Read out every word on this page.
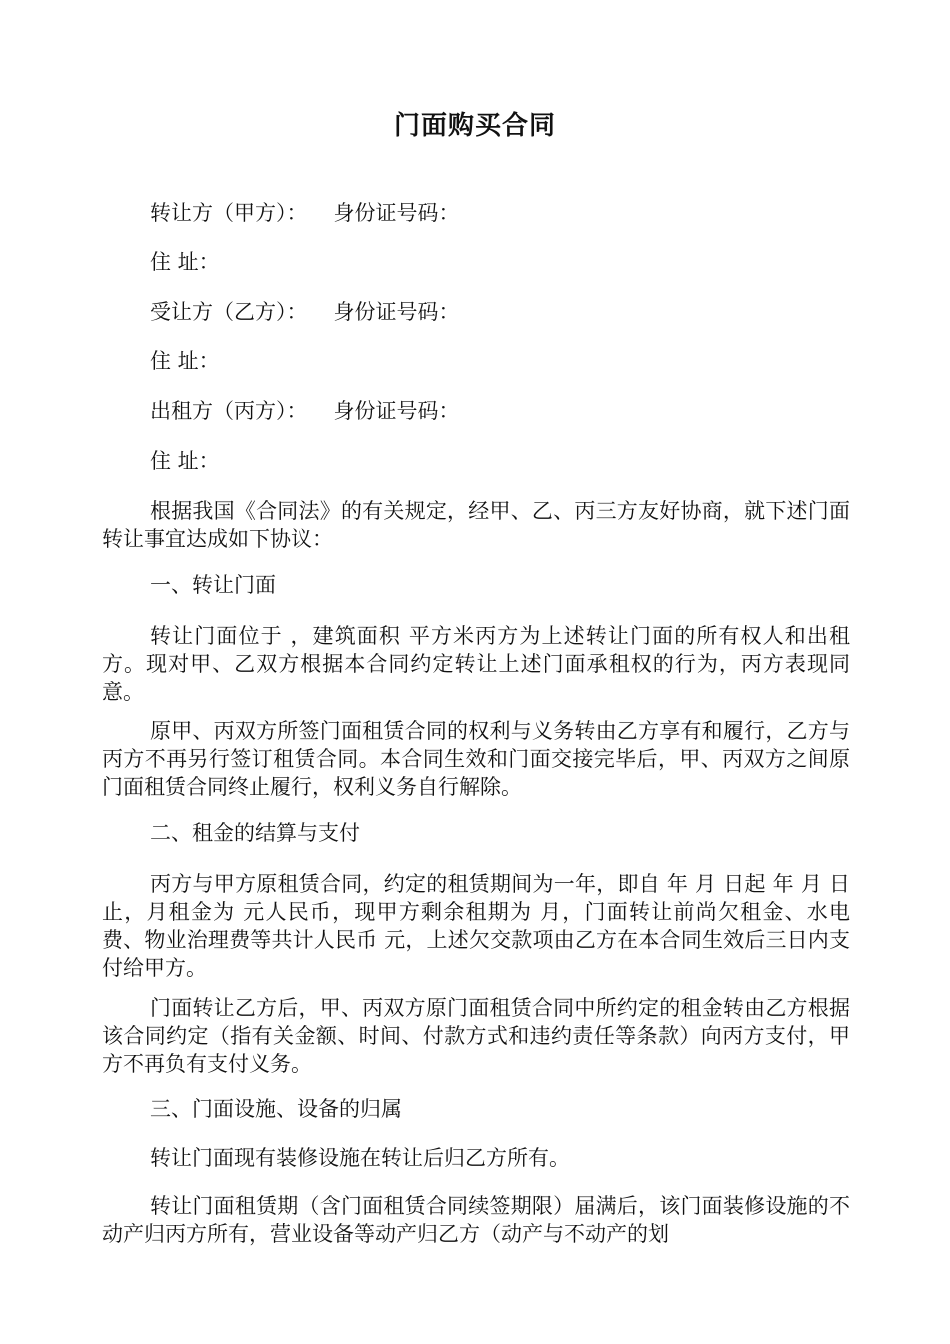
门面购买合同
转让方（甲方）： 身份证号码：
住 址：
受让方（乙方）： 身份证号码：
住 址：
出租方（丙方）： 身份证号码：
住 址：
根据我国《合同法》的有关规定，经甲、乙、丙三方友好协商，就下述门面转让事宜达成如下协议：
一、转让门面
转让门面位于 ，建筑面积 平方米丙方为上述转让门面的所有权人和出租方。现对甲、乙双方根据本合同约定转让上述门面承租权的行为，丙方表现同意。
原甲、丙双方所签门面租赁合同的权利与义务转由乙方享有和履行，乙方与丙方不再另行签订租赁合同。本合同生效和门面交接完毕后，甲、丙双方之间原门面租赁合同终止履行，权利义务自行解除。
二、租金的结算与支付
丙方与甲方原租赁合同，约定的租赁期间为一年，即自 年 月 日起 年 月 日止，月租金为 元人民币，现甲方剩余租期为 月，门面转让前尚欠租金、水电费、物业治理费等共计人民币 元，上述欠交款项由乙方在本合同生效后三日内支付给甲方。
门面转让乙方后，甲、丙双方原门面租赁合同中所约定的租金转由乙方根据该合同约定（指有关金额、时间、付款方式和违约责任等条款）向丙方支付，甲方不再负有支付义务。
三、门面设施、设备的归属
转让门面现有装修设施在转让后归乙方所有。
转让门面租赁期（含门面租赁合同续签期限）届满后，该门面装修设施的不动产归丙方所有，营业设备等动产归乙方（动产与不动产的划
